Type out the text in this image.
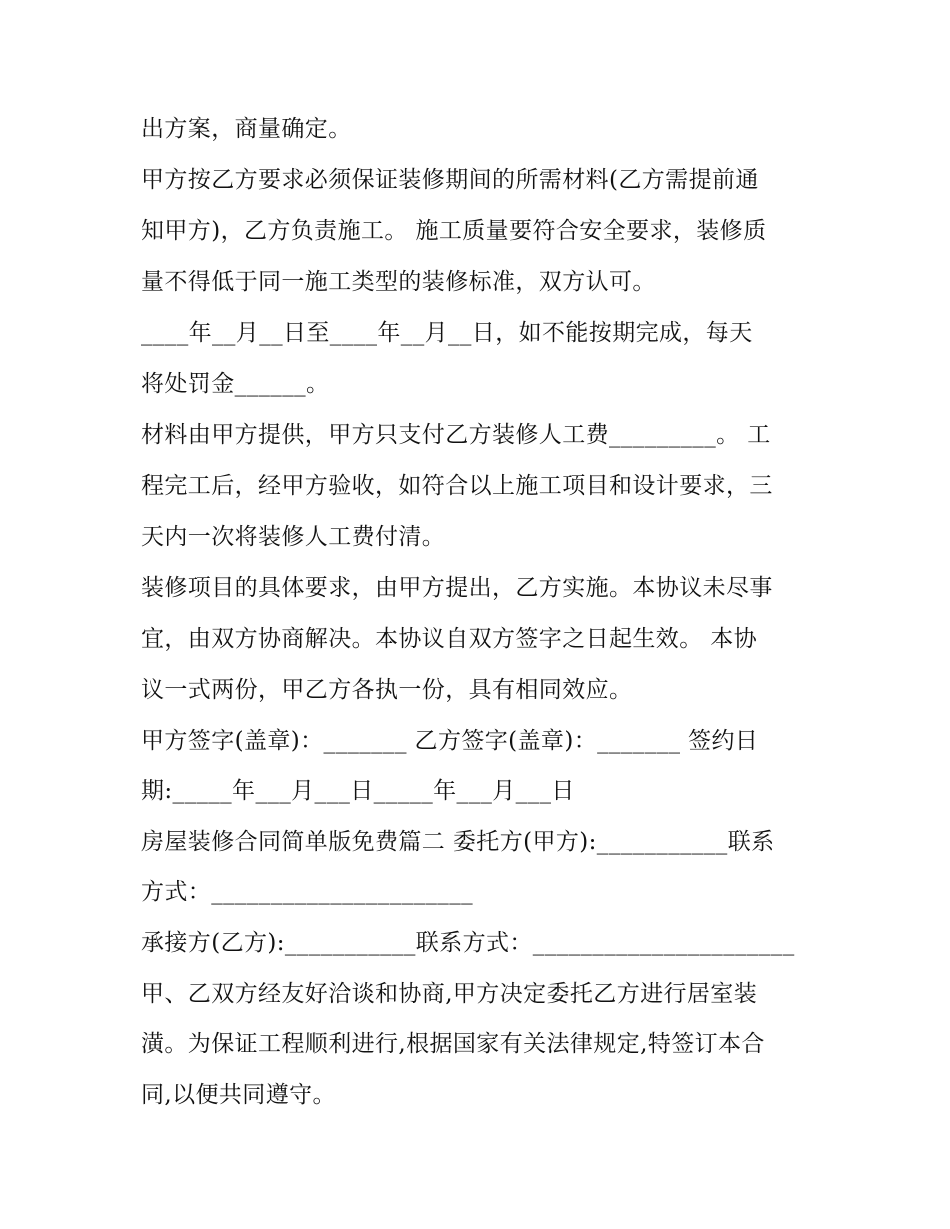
出方案，商量确定。
甲方按乙方要求必须保证装修期间的所需材料(乙方需提前通
知甲方)，乙方负责施工。 施工质量要符合安全要求，装修质
量不得低于同一施工类型的装修标准，双方认可。
____年__月__日至____年__月__日，如不能按期完成，每天
将处罚金______。
材料由甲方提供，甲方只支付乙方装修人工费_________。 工
程完工后，经甲方验收，如符合以上施工项目和设计要求，三
天内一次将装修人工费付清。
装修项目的具体要求，由甲方提出，乙方实施。本协议未尽事
宜，由双方协商解决。本协议自双方签字之日起生效。 本协
议一式两份，甲乙方各执一份，具有相同效应。
甲方签字(盖章)：_______ 乙方签字(盖章)：_______ 签约日
期:_____年___月___日_____年___月___日
房屋装修合同简单版免费篇二 委托方(甲方):___________联系
方式：______________________
承接方(乙方):___________联系方式：______________________
甲、乙双方经友好洽谈和协商,甲方决定委托乙方进行居室装
潢。为保证工程顺利进行,根据国家有关法律规定,特签订本合
同,以便共同遵守。
